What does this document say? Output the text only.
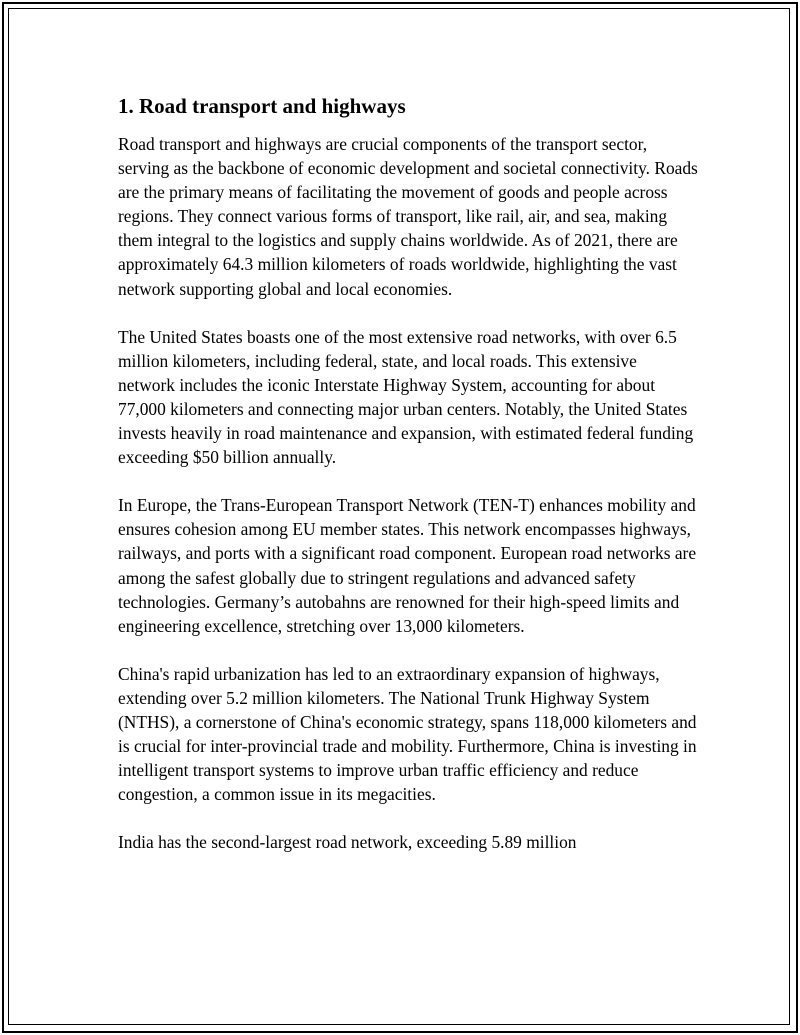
1. Road transport and highways

Road transport and highways are crucial components of the transport sector, serving as the backbone of economic development and societal connectivity. Roads are the primary means of facilitating the movement of goods and people across regions. They connect various forms of transport, like rail, air, and sea, making them integral to the logistics and supply chains worldwide. As of 2021, there are approximately 64.3 million kilometers of roads worldwide, highlighting the vast network supporting global and local economies.

The United States boasts one of the most extensive road networks, with over 6.5 million kilometers, including federal, state, and local roads. This extensive network includes the iconic Interstate Highway System, accounting for about 77,000 kilometers and connecting major urban centers. Notably, the United States invests heavily in road maintenance and expansion, with estimated federal funding exceeding $50 billion annually.

In Europe, the Trans-European Transport Network (TEN-T) enhances mobility and ensures cohesion among EU member states. This network encompasses highways, railways, and ports with a significant road component. European road networks are among the safest globally due to stringent regulations and advanced safety technologies. Germany’s autobahns are renowned for their high-speed limits and engineering excellence, stretching over 13,000 kilometers.

China's rapid urbanization has led to an extraordinary expansion of highways, extending over 5.2 million kilometers. The National Trunk Highway System (NTHS), a cornerstone of China's economic strategy, spans 118,000 kilometers and is crucial for inter-provincial trade and mobility. Furthermore, China is investing in intelligent transport systems to improve urban traffic efficiency and reduce congestion, a common issue in its megacities.

India has the second-largest road network, exceeding 5.89 million
